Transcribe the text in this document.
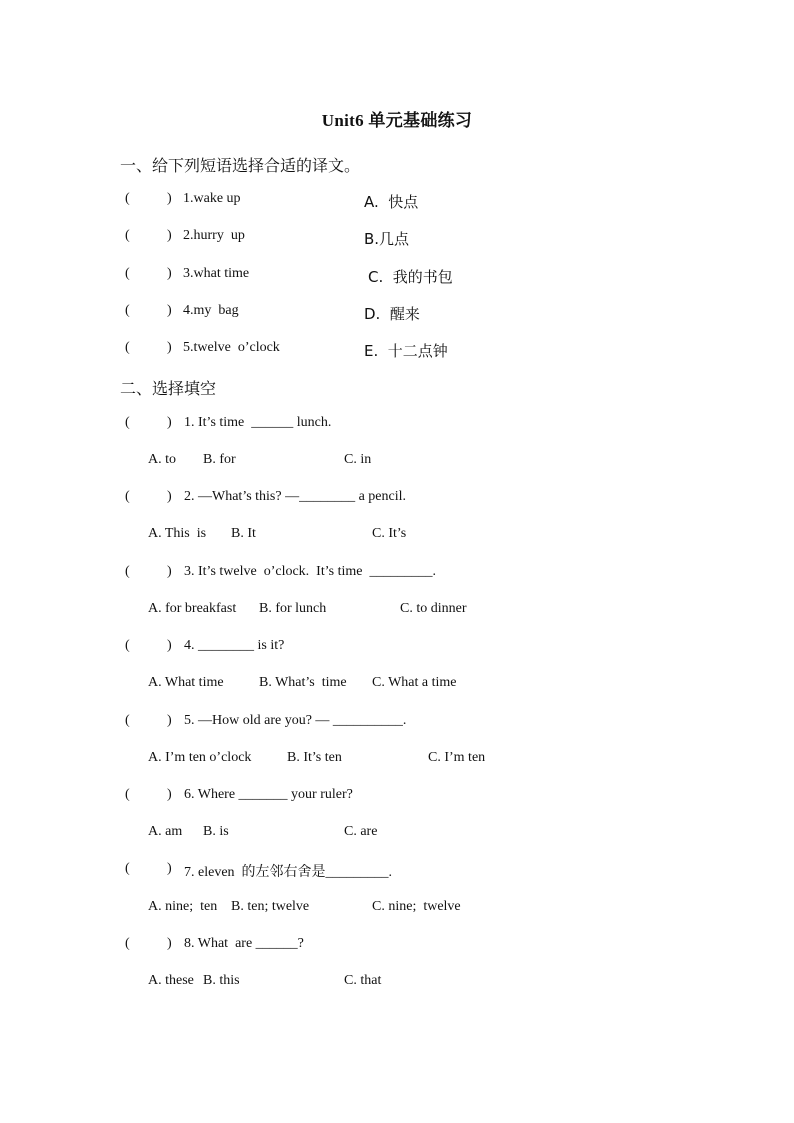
Unit6 单元基础练习
一、给下列短语选择合适的译文。
(	) 1.wake up	A.  快点
(	) 2.hurry  up	B.几点
(	) 3.what time	C.  我的书包
(	) 4.my  bag	D.  醒来
(	) 5.twelve  o’clock	E.  十二点钟
二、选择填空
(	) 1. It’s time  ______ lunch.
A. to B. for	C. in
(	) 2. —What’s this? —________ a pencil.
A. This  is B. It	C. It’s
(	) 3. It’s twelve  o’clock.  It’s time  _________.
A. for breakfast B. for lunch	C. to dinner
(	) 4. ________ is it?
A. What time	B. What’s  time C. What a time
(	) 5. —How old are you? — __________.
A. I’m ten o’clock	B. It’s ten	C. I’m ten
(	) 6. Where _______ your ruler?
A. am B. is	C. are
(	) 7. eleven  的左邻右舍是_________.
A. nine;  ten B. ten; twelve	C. nine;  twelve
(	) 8. What  are ______?
A. these B. this	C. that
